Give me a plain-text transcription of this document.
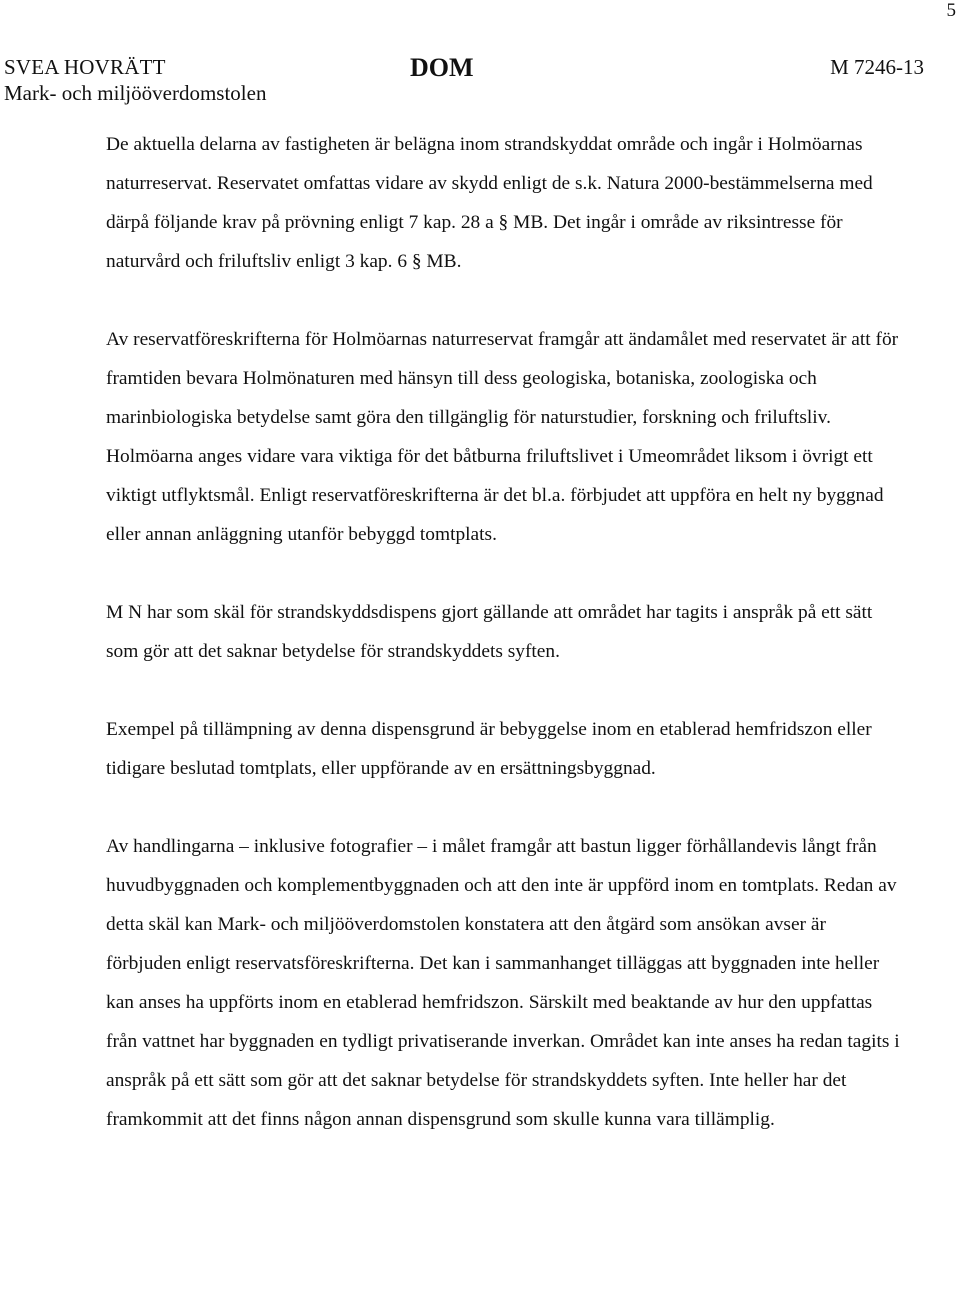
5
SVEA HOVRÄTT
Mark- och miljööverdomstolen
DOM	M 7246-13

De aktuella delarna av fastigheten är belägna inom strandskyddat område och ingår i Holmöarnas naturreservat. Reservatet omfattas vidare av skydd enligt de s.k. Natura 2000-bestämmelserna med därpå följande krav på prövning enligt 7 kap. 28 a § MB. Det ingår i område av riksintresse för naturvård och friluftsliv enligt 3 kap. 6 § MB.

Av reservatföreskrifterna för Holmöarnas naturreservat framgår att ändamålet med reservatet är att för framtiden bevara Holmönaturen med hänsyn till dess geologiska, botaniska, zoologiska och marinbiologiska betydelse samt göra den tillgänglig för naturstudier, forskning och friluftsliv. Holmöarna anges vidare vara viktiga för det båtburna friluftslivet i Umeområdet liksom i övrigt ett viktigt utflyktsmål. Enligt reservatföreskrifterna är det bl.a. förbjudet att uppföra en helt ny byggnad eller annan anläggning utanför bebyggd tomtplats.

M N har som skäl för strandskyddsdispens gjort gällande att området har tagits i anspråk på ett sätt som gör att det saknar betydelse för strandskyddets syften.

Exempel på tillämpning av denna dispensgrund är bebyggelse inom en etablerad hemfridszon eller tidigare beslutad tomtplats, eller uppförande av en ersättningsbyggnad.

Av handlingarna – inklusive fotografier – i målet framgår att bastun ligger förhållandevis långt från huvudbyggnaden och komplementbyggnaden och att den inte är uppförd inom en tomtplats. Redan av detta skäl kan Mark- och miljööverdomstolen konstatera att den åtgärd som ansökan avser är förbjuden enligt reservatsföreskrifterna. Det kan i sammanhanget tilläggas att byggnaden inte heller kan anses ha uppförts inom en etablerad hemfridszon. Särskilt med beaktande av hur den uppfattas från vattnet har byggnaden en tydligt privatiserande inverkan. Området kan inte anses ha redan tagits i anspråk på ett sätt som gör att det saknar betydelse för strandskyddets syften. Inte heller har det framkommit att det finns någon annan dispensgrund som skulle kunna vara tillämplig.
